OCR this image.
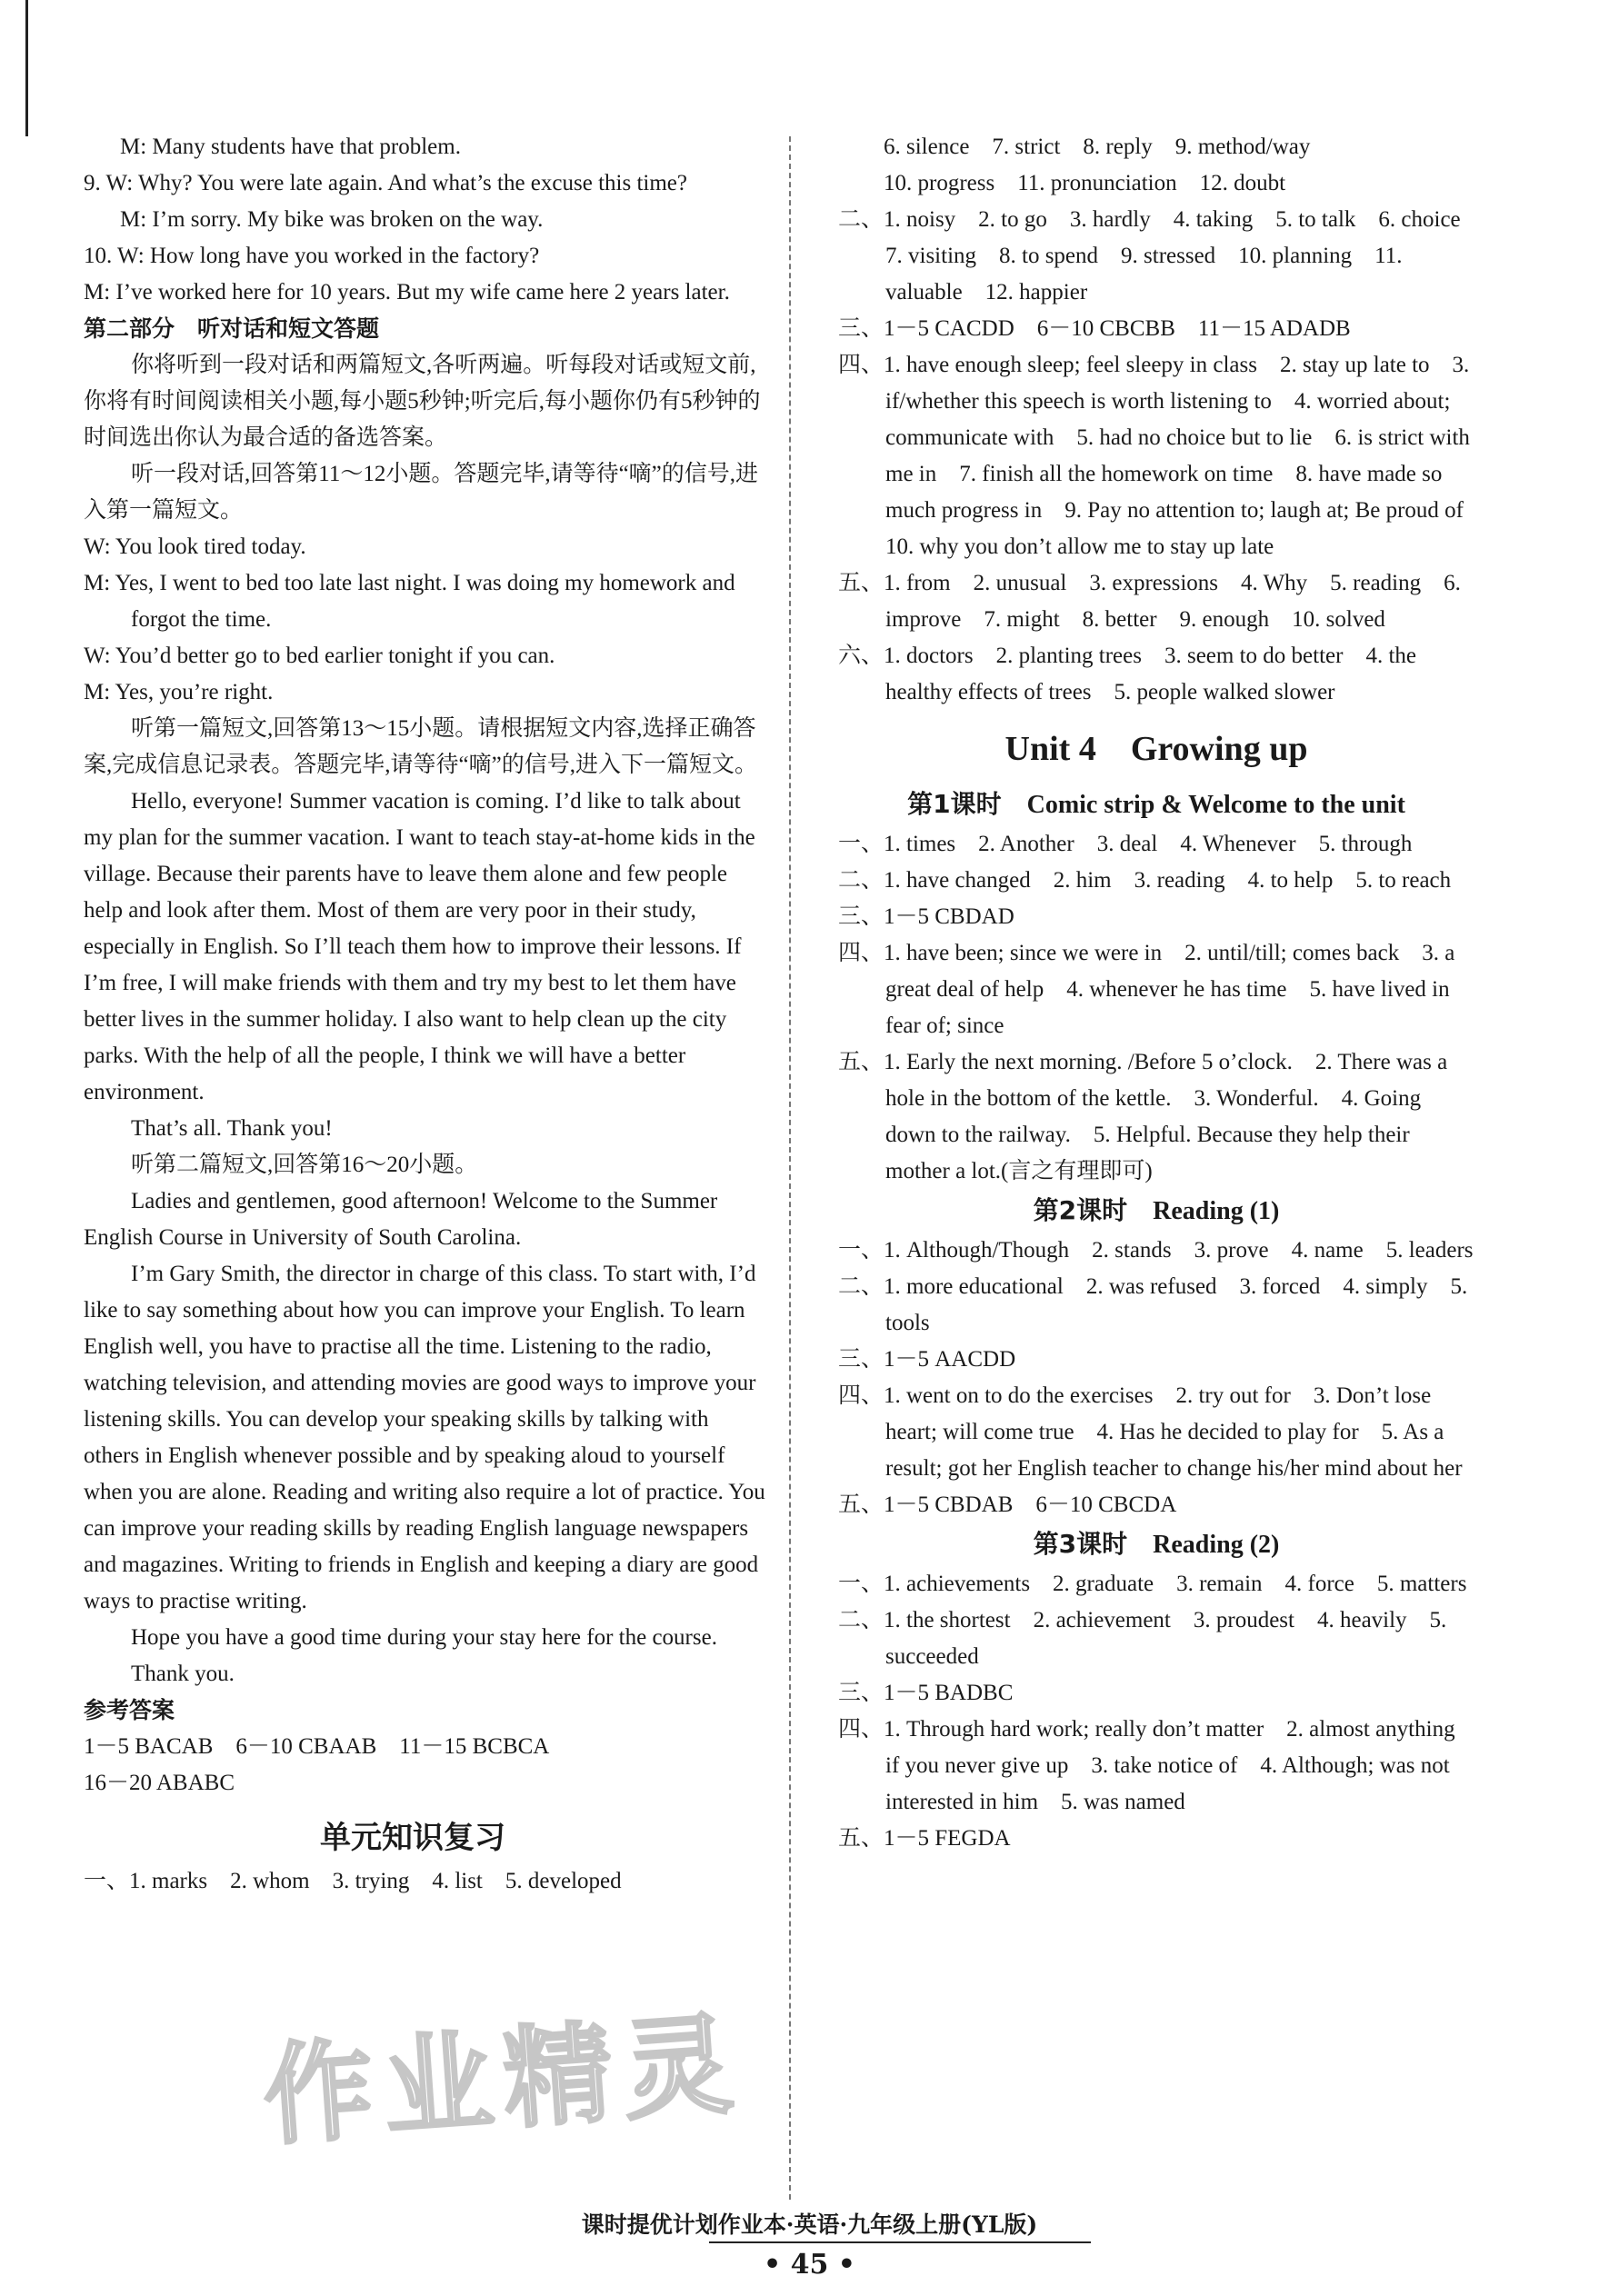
M: Many students have that problem.

9. W: Why? You were late again. And what’s the excuse this time?

M: I’m sorry. My bike was broken on the way.

10. W: How long have you worked in the factory?

M: I’ve worked here for 10 years. But my wife came here 2 years later.

第二部分　听对话和短文答题

你将听到一段对话和两篇短文,各听两遍。听每段对话或短文前,你将有时间阅读相关小题,每小题5秒钟;听完后,每小题你仍有5秒钟的时间选出你认为最合适的备选答案。

听一段对话,回答第11～12小题。答题完毕,请等待“嘀”的信号,进入第一篇短文。

W: You look tired today.

M: Yes, I went to bed too late last night. I was doing my homework and forgot the time.

W: You’d better go to bed earlier tonight if you can.

M: Yes, you’re right.

听第一篇短文,回答第13～15小题。请根据短文内容,选择正确答案,完成信息记录表。答题完毕,请等待“嘀”的信号,进入下一篇短文。

Hello, everyone! Summer vacation is coming. I’d like to talk about my plan for the summer vacation. I want to teach stay-at-home kids in the village. Because their parents have to leave them alone and few people help and look after them. Most of them are very poor in their study, especially in English. So I’ll teach them how to improve their lessons. If I’m free, I will make friends with them and try my best to let them have better lives in the summer holiday. I also want to help clean up the city parks. With the help of all the people, I think we will have a better environment.

That’s all. Thank you!

听第二篇短文,回答第16～20小题。

Ladies and gentlemen, good afternoon! Welcome to the Summer English Course in University of South Carolina.

I’m Gary Smith, the director in charge of this class. To start with, I’d like to say something about how you can improve your English. To learn English well, you have to practise all the time. Listening to the radio, watching television, and attending movies are good ways to improve your listening skills. You can develop your speaking skills by talking with others in English whenever possible and by speaking aloud to yourself when you are alone. Reading and writing also require a lot of practice. You can improve your reading skills by reading English language newspapers and magazines. Writing to friends in English and keeping a diary are good ways to practise writing.

Hope you have a good time during your stay here for the course.

Thank you.

参考答案

1－5 BACAB　6－10 CBAAB　11－15 BCBCA

16－20 ABABC

单元知识复习

一、1. marks　2. whom　3. trying　4. list　5. developed

　　6. silence　7. strict　8. reply　9. method/way

　　10. progress　11. pronunciation　12. doubt

二、1. noisy　2. to go　3. hardly　4. taking　5. to talk　6. choice　7. visiting　8. to spend　9. stressed　10. planning　11. valuable　12. happier

三、1－5 CACDD　6－10 CBCBB　11－15 ADADB

四、1. have enough sleep; feel sleepy in class　2. stay up late to　3. if/whether this speech is worth listening to　4. worried about; communicate with　5. had no choice but to lie　6. is strict with me in　7. finish all the homework on time　8. have made so much progress in　9. Pay no attention to; laugh at; Be proud of　10. why you don’t allow me to stay up late

五、1. from　2. unusual　3. expressions　4. Why　5. reading　6. improve　7. might　8. better　9. enough　10. solved

六、1. doctors　2. planting trees　3. seem to do better　4. the healthy effects of trees　5. people walked slower

Unit 4　Growing up
第1课时　 Comic strip & Welcome to the unit

一、1. times　2. Another　3. deal　4. Whenever　5. through

二、1. have changed　2. him　3. reading　4. to help　5. to reach

三、1－5 CBDAD

四、1. have been; since we were in　2. until/till; comes back　3. a great deal of help　4. whenever he has time　5. have lived in fear of; since

五、1. Early the next morning. /Before 5 o’clock.　2. There was a hole in the bottom of the kettle.　3. Wonderful.　4. Going down to the railway.　5. Helpful. Because they help their mother a lot.(言之有理即可)

第2课时　 Reading (1)

一、1. Although/Though　2. stands　3. prove　4. name　5. leaders

二、1. more educational　2. was refused　3. forced　4. simply　5. tools

三、1－5 AACDD

四、1. went on to do the exercises　2. try out for　3. Don’t lose heart; will come true　4. Has he decided to play for　5. As a result; got her English teacher to change his/her mind about her

五、1－5 CBDAB　6－10 CBCDA

第3课时　 Reading (2)

一、1. achievements　2. graduate　3. remain　4. force　5. matters

二、1. the shortest　2. achievement　3. proudest　4. heavily　5. succeeded

三、1－5 BADBC

四、1. Through hard work; really don’t matter　2. almost anything if you never give up　3. take notice of　4. Although; was not interested in him　5. was named

五、1－5 FEGDA

作业精灵
课时提优计划作业本·英语·九年级上册(YL版)
• 45 •
